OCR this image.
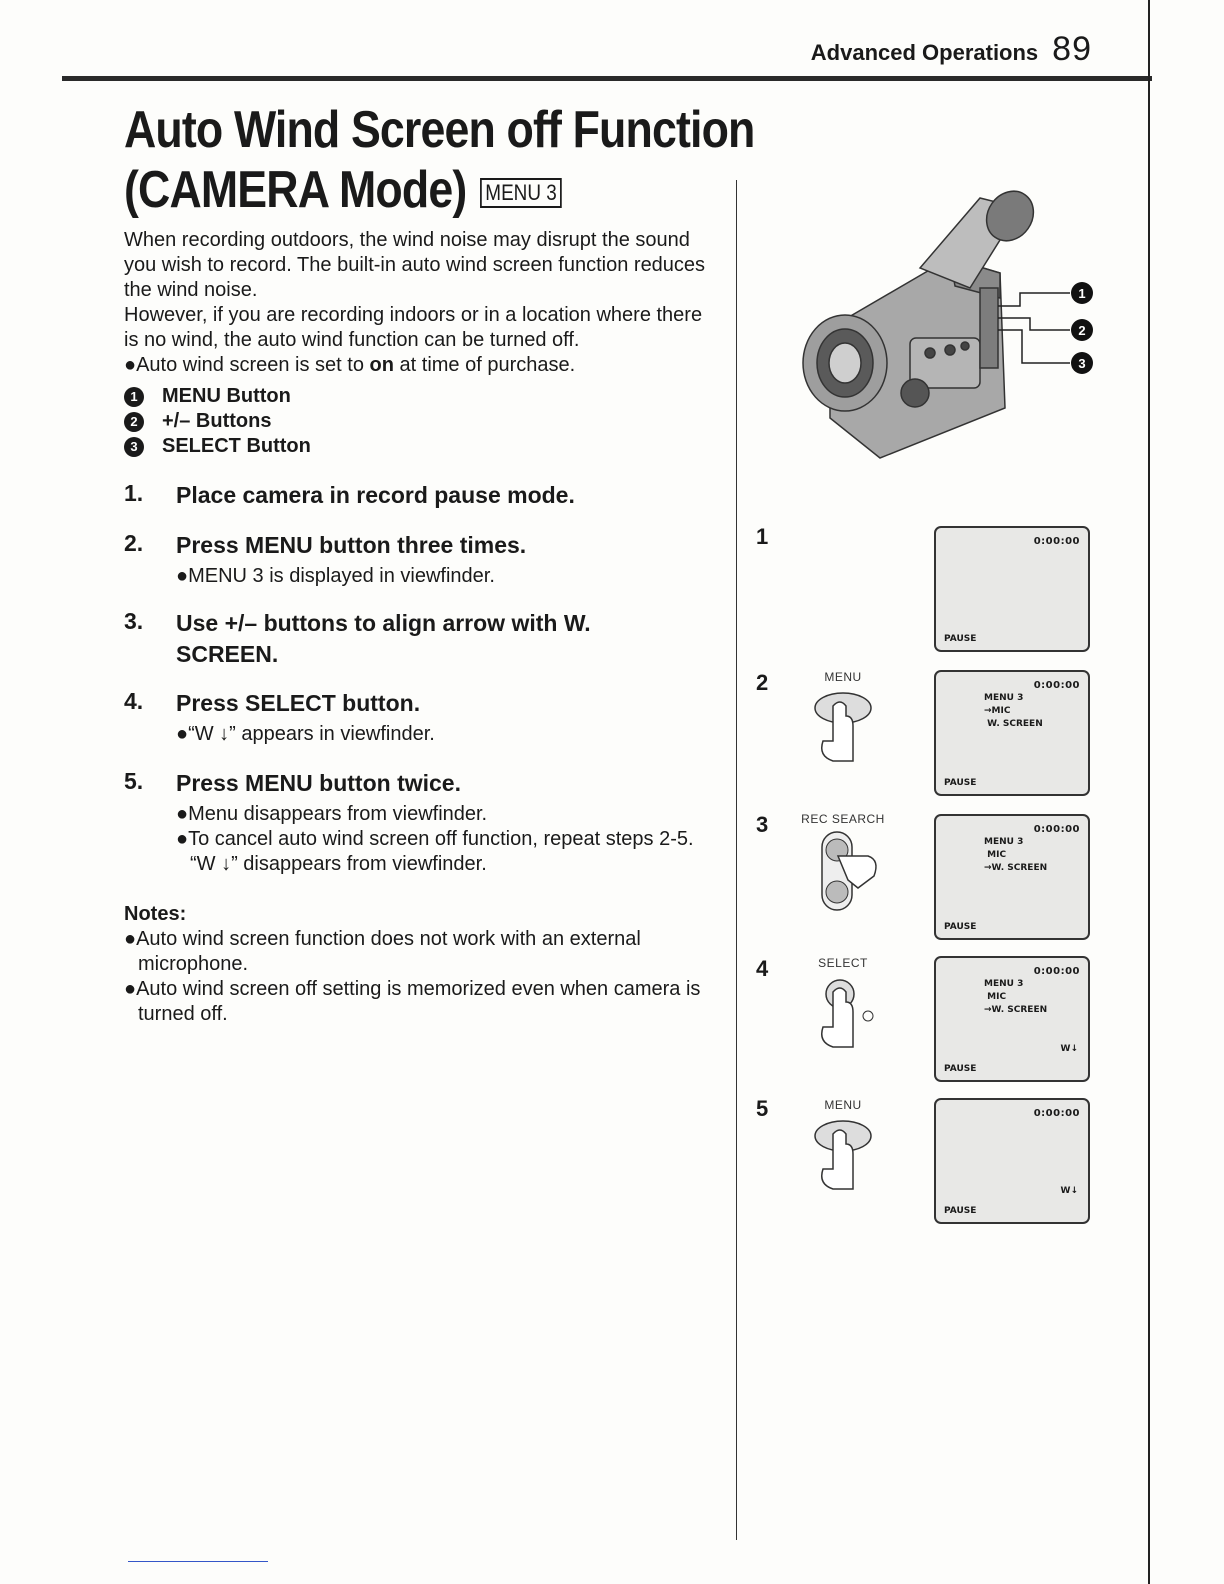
Advanced Operations 89
Auto Wind Screen off Function
(CAMERA Mode) MENU 3

When recording outdoors, the wind noise may disrupt the sound you wish to record. The built-in auto wind screen function reduces the wind noise.

However, if you are recording indoors or in a location where there is no wind, the auto wind function can be turned off.

●Auto wind screen is set to on at time of purchase.

1	MENU Button
2	+/– Buttons
3	SELECT Button
1. Place camera in record pause mode.
2. Press MENU button three times.
●MENU 3 is displayed in viewfinder.
3. Use +/– buttons to align arrow with W. SCREEN.
4. Press SELECT button.
●“W ↓” appears in viewfinder.
5. Press MENU button twice.
●Menu disappears from viewfinder.
●To cancel auto wind screen off function, repeat steps 2-5. “W ↓” disappears from viewfinder.
Notes:
●Auto wind screen function does not work with an external microphone.
●Auto wind screen off setting is memorized even when camera is turned off.
1
2
3
1	0:00:00
PAUSE
2	MENU
0:00:00
MENU 3
→MIC
W. SCREEN
PAUSE
3	REC SEARCH
0:00:00
MENU 3
MIC
→W. SCREEN
PAUSE
4	SELECT
0:00:00
MENU 3
MIC
→W. SCREEN
W↓
PAUSE
5	MENU
0:00:00
W↓
PAUSE
